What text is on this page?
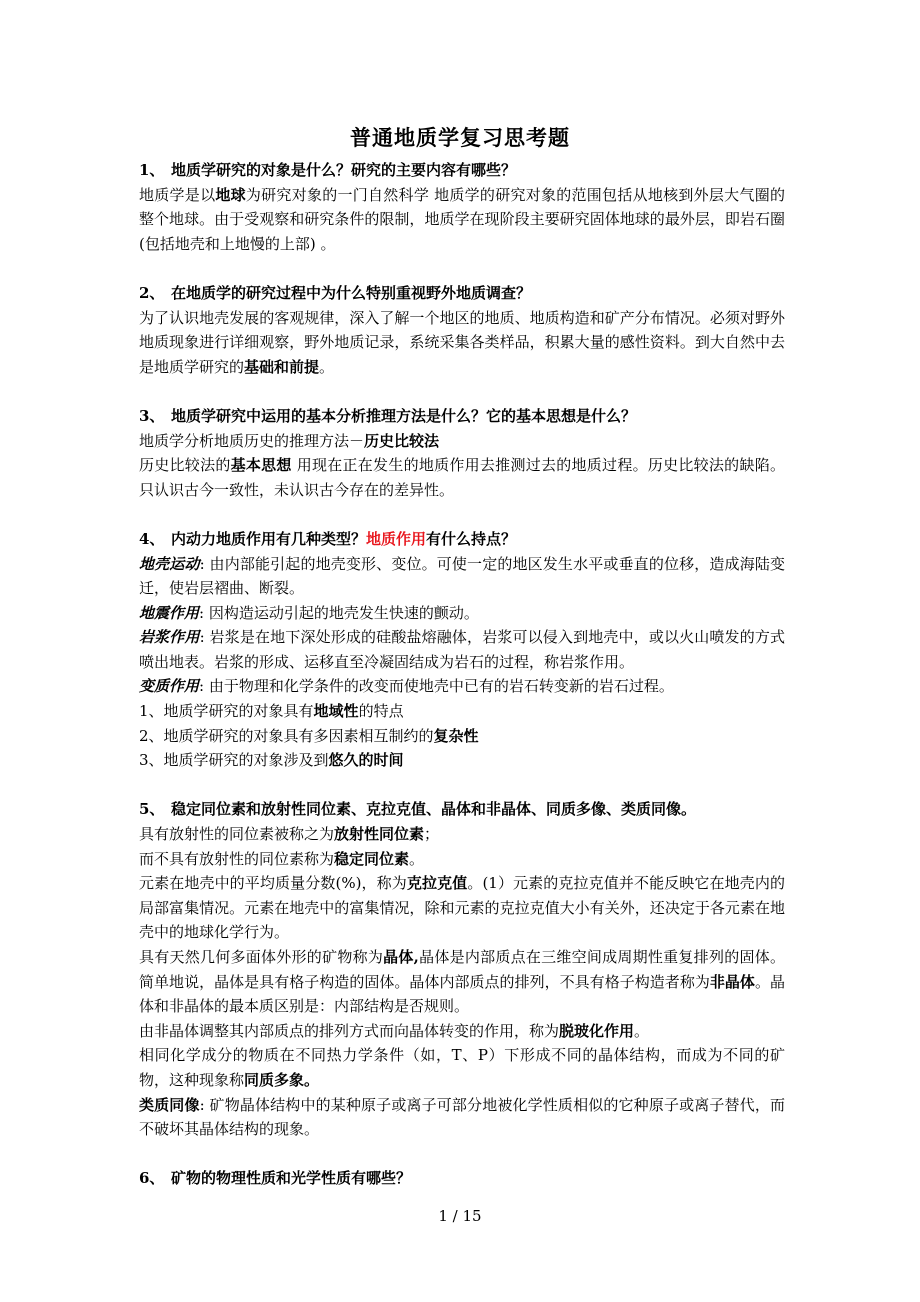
普通地质学复习思考题

1、 地质学研究的对象是什么？研究的主要内容有哪些？

地质学是以地球为研究对象的一门自然科学 地质学的研究对象的范围包括从地核到外层大气圈的整个地球。由于受观察和研究条件的限制，地质学在现阶段主要研究固体地球的最外层，即岩石圈(包括地壳和上地慢的上部) 。

2、 在地质学的研究过程中为什么特别重视野外地质调查？

为了认识地壳发展的客观规律，深入了解一个地区的地质、地质构造和矿产分布情况。必须对野外地质现象进行详细观察，野外地质记录，系统采集各类样品，积累大量的感性资料。到大自然中去是地质学研究的基础和前提。

3、 地质学研究中运用的基本分析推理方法是什么？它的基本思想是什么？

地质学分析地质历史的推理方法－历史比较法

历史比较法的基本思想 用现在正在发生的地质作用去推测过去的地质过程。历史比较法的缺陷。只认识古今一致性，未认识古今存在的差异性。

4、 内动力地质作用有几种类型？地质作用有什么持点？

地壳运动: 由内部能引起的地壳变形、变位。可使一定的地区发生水平或垂直的位移，造成海陆变迁，使岩层褶曲、断裂。

地震作用: 因构造运动引起的地壳发生快速的颤动。

岩浆作用: 岩浆是在地下深处形成的硅酸盐熔融体，岩浆可以侵入到地壳中，或以火山喷发的方式喷出地表。岩浆的形成、运移直至冷凝固结成为岩石的过程，称岩浆作用。

变质作用: 由于物理和化学条件的改变而使地壳中已有的岩石转变新的岩石过程。

1、地质学研究的对象具有地域性的特点

2、地质学研究的对象具有多因素相互制约的复杂性

3、地质学研究的对象涉及到悠久的时间

5、 稳定同位素和放射性同位素、克拉克值、晶体和非晶体、同质多像、类质同像。

具有放射性的同位素被称之为放射性同位素；

而不具有放射性的同位素称为稳定同位素。

元素在地壳中的平均质量分数(%)，称为克拉克值。(1）元素的克拉克值并不能反映它在地壳内的局部富集情况。元素在地壳中的富集情况，除和元素的克拉克值大小有关外，还决定于各元素在地壳中的地球化学行为。

具有天然几何多面体外形的矿物称为晶体,晶体是内部质点在三维空间成周期性重复排列的固体。简单地说，晶体是具有格子构造的固体。晶体内部质点的排列，不具有格子构造者称为非晶体。晶体和非晶体的最本质区别是：内部结构是否规则。

由非晶体调整其内部质点的排列方式而向晶体转变的作用，称为脱玻化作用。

相同化学成分的物质在不同热力学条件（如，T、P）下形成不同的晶体结构，而成为不同的矿物，这种现象称同质多象。

类质同像: 矿物晶体结构中的某种原子或离子可部分地被化学性质相似的它种原子或离子替代，而不破坏其晶体结构的现象。

6、 矿物的物理性质和光学性质有哪些？

1 / 15
